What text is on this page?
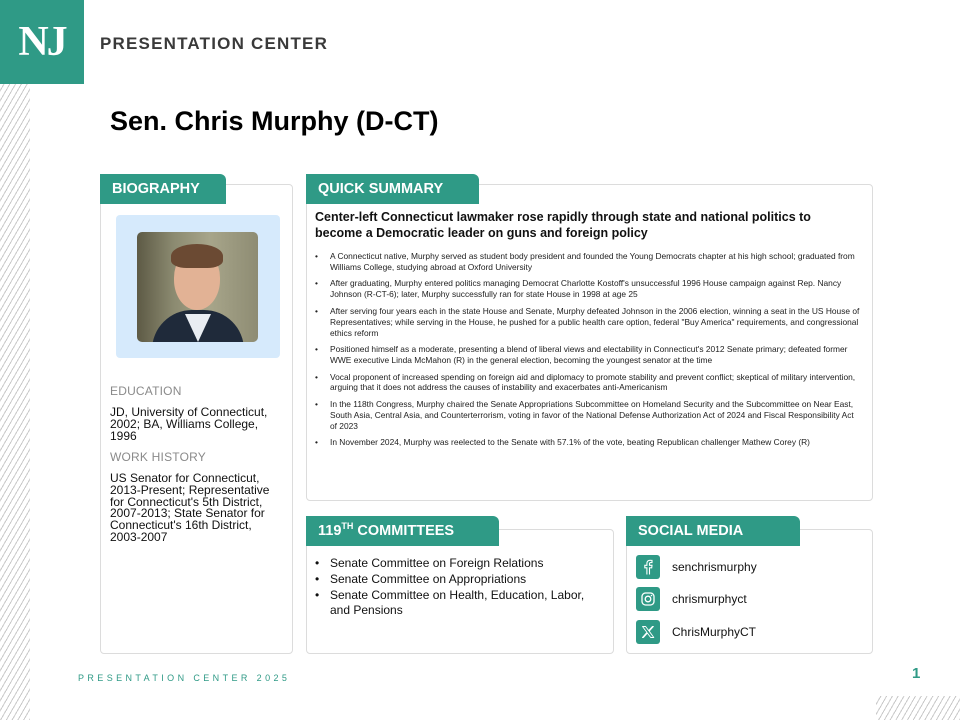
NJ PRESENTATION CENTER
Sen. Chris Murphy (D-CT)
BIOGRAPHY
EDUCATION
JD, University of Connecticut, 2002; BA, Williams College, 1996
WORK HISTORY
US Senator for Connecticut, 2013-Present; Representative for Connecticut's 5th District, 2007-2013; State Senator for Connecticut's 16th District, 2003-2007
QUICK SUMMARY
Center-left Connecticut lawmaker rose rapidly through state and national politics to become a Democratic leader on guns and foreign policy
• A Connecticut native, Murphy served as student body president and founded the Young Democrats chapter at his high school; graduated from Williams College, studying abroad at Oxford University
• After graduating, Murphy entered politics managing Democrat Charlotte Kostoff's unsuccessful 1996 House campaign against Rep. Nancy Johnson (R-CT-6); later, Murphy successfully ran for state House in 1998 at age 25
• After serving four years each in the state House and Senate, Murphy defeated Johnson in the 2006 election, winning a seat in the US House of Representatives; while serving in the House, he pushed for a public health care option, federal "Buy America" requirements, and congressional ethics reform
• Positioned himself as a moderate, presenting a blend of liberal views and electability in Connecticut's 2012 Senate primary; defeated former WWE executive Linda McMahon (R) in the general election, becoming the youngest senator at the time
• Vocal proponent of increased spending on foreign aid and diplomacy to promote stability and prevent conflict; skeptical of military intervention, arguing that it does not address the causes of instability and exacerbates anti-Americanism
• In the 118th Congress, Murphy chaired the Senate Appropriations Subcommittee on Homeland Security and the Subcommittee on Near East, South Asia, Central Asia, and Counterterrorism, voting in favor of the National Defense Authorization Act of 2024 and Fiscal Responsibility Act of 2023
• In November 2024, Murphy was reelected to the Senate with 57.1% of the vote, beating Republican challenger Mathew Corey (R)
119TH COMMITTEES
• Senate Committee on Foreign Relations
• Senate Committee on Appropriations
• Senate Committee on Health, Education, Labor, and Pensions
SOCIAL MEDIA
senchrismurphy
chrismurphyct
ChrisMurphyCT
PRESENTATION CENTER 2025	1
